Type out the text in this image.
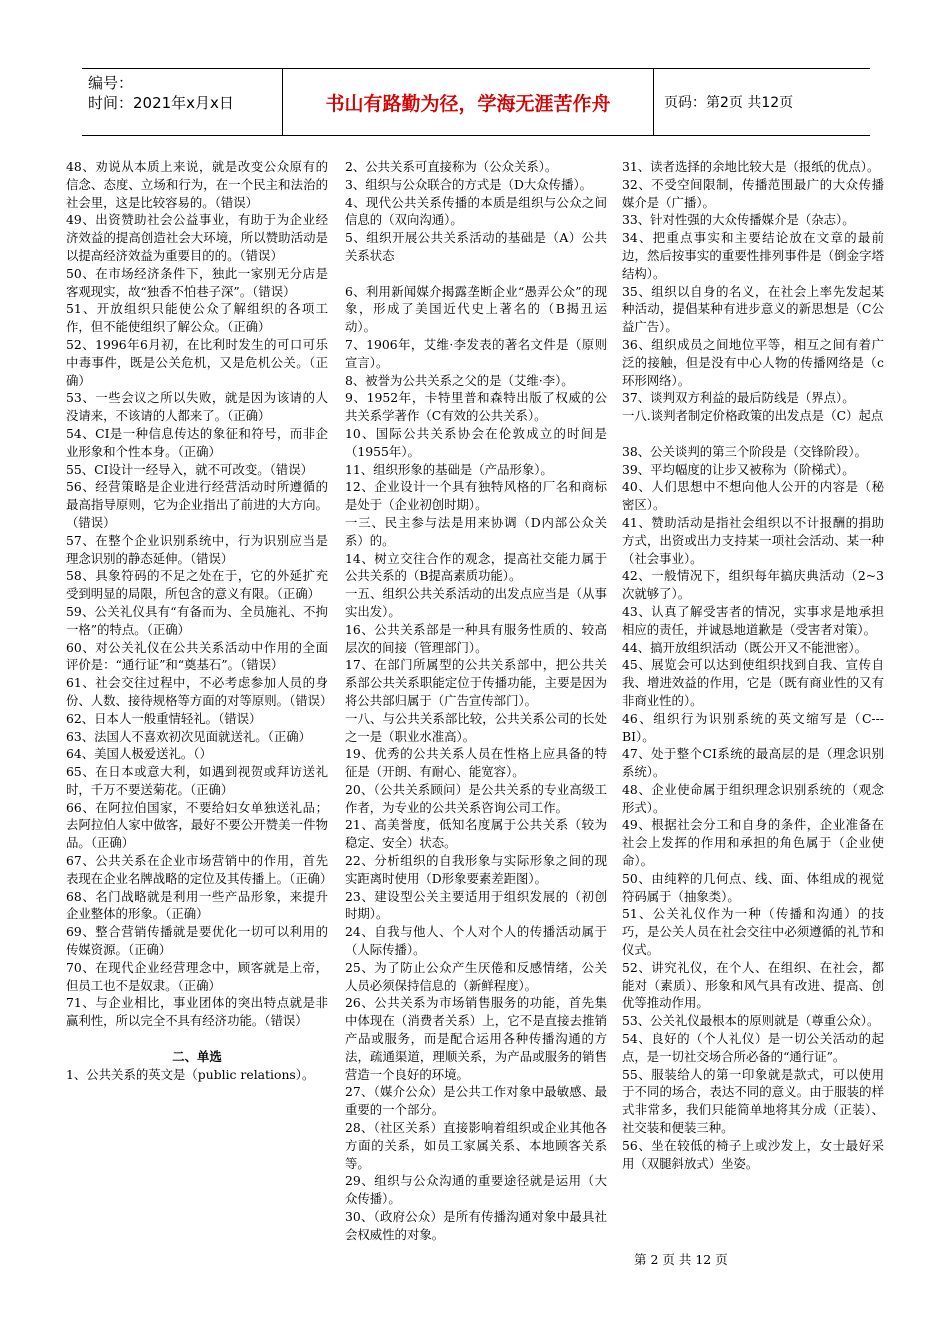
编号：
时间：2021年x月x日	书山有路勤为径，学海无涯苦作舟	页码：第2页 共12页

48、劝说从本质上来说，就是改变公众原有的信念、态度、立场和行为，在一个民主和法治的社会里，这是比较容易的。（错误）

49、出资赞助社会公益事业，有助于为企业经济效益的提高创造社会大环境，所以赞助活动是以提高经济效益为重要目的的。（错误）

50、在市场经济条件下，独此一家别无分店是客观现实，故“独香不怕巷子深”。（错误）

51、开放组织只能使公众了解组织的各项工作，但不能使组织了解公众。（正确）

52、1996年6月初，在比利时发生的可口可乐中毒事件，既是公关危机，又是危机公关。（正确）

53、一些会议之所以失败，就是因为该请的人没请来，不该请的人都来了。（正确）

54、CI是一种信息传达的象征和符号，而非企业形象和个性本身。（正确）

55、CI设计一经导入，就不可改变。（错误）

56、经营策略是企业进行经营活动时所遵循的最高指导原则，它为企业指出了前进的大方向。（错误）

57、在整个企业识别系统中，行为识别应当是理念识别的静态延伸。（错误）

58、具象符码的不足之处在于，它的外延扩充受到明显的局限，所包含的意义有限。（正确）

59、公关礼仪具有“有备而为、全员施礼、不拘一格”的特点。（正确）

60、对公关礼仪在公共关系活动中作用的全面评价是：“通行证”和“奠基石”。（错误）

61、社会交往过程中，不必考虑参加人员的身份、人数、接待规格等方面的对等原则。（错误）

62、日本人一般重情轻礼。（错误）

63、法国人不喜欢初次见面就送礼。（正确）

64、美国人极爱送礼。（）

65、在日本或意大利，如遇到视贺或拜访送礼时，千万不要送菊花。（正确）

66、在阿拉伯国家，不要给妇女单独送礼品；去阿拉伯人家中做客，最好不要公开赞美一件物品。（正确）

67、公共关系在企业市场营销中的作用，首先表现在企业名牌战略的定位及其传播上。（正确）

68、名门战略就是利用一些产品形象，来提升企业整体的形象。（正确）

69、整合营销传播就是要优化一切可以利用的传媒资源。（正确）

70、在现代企业经营理念中，顾客就是上帝，但员工也不是奴隶。（正确）

71、与企业相比，事业团体的突出特点就是非赢利性，所以完全不具有经济功能。（错误）

二、单选

1、公共关系的英文是（public relations）。

2、公共关系可直接称为（公众关系）。

3、组织与公众联合的方式是（D大众传播）。

4、现代公共关系传播的本质是组织与公众之间信息的（双向沟通）。

5、组织开展公共关系活动的基础是（A）公共关系状态

6、利用新闻媒介揭露垄断企业“愚弄公众”的现象，形成了美国近代史上著名的（B揭丑运动）。

7、1906年，艾维·李发表的著名文件是（原则宣言）。

8、被誉为公共关系之父的是（艾维·李）。

9、1952年，卡特里普和森特出版了权威的公共关系学著作（C有效的公共关系）。

10、国际公共关系协会在伦敦成立的时间是（1955年）。

11、组织形象的基础是（产品形象）。

12、企业设计一个具有独特风格的厂名和商标是处于（企业初创时期）。

一三、民主参与法是用来协调（D内部公众关系）的。

14、树立交往合作的观念，提高社交能力属于公共关系的（B提高素质功能）。

一五、组织公共关系活动的出发点应当是（从事实出发）。

16、公共关系部是一种具有服务性质的、较高层次的间接（管理部门）。

17、在部门所属型的公共关系部中，把公共关系部公共关系职能定位于传播功能，主要是因为将公共部归属于（广告宣传部门）。

一八、与公共关系部比较，公共关系公司的长处之一是（职业水准高）。

19、优秀的公共关系人员在性格上应具备的特征是（开朗、有耐心、能宽容）。

20、（公共关系顾问）是公共关系的专业高级工作者，为专业的公共关系咨询公司工作。

21、高美誉度，低知名度属于公共关系（较为稳定、安全）状态。

22、分析组织的自我形象与实际形象之间的现实距离时使用（D形象要素差距图）。

23、建设型公关主要适用于组织发展的（初创时期）。

24、自我与他人、个人对个人的传播活动属于（人际传播）。

25、为了防止公众产生厌倦和反感情绪，公关人员必须保持信息的（新鲜程度）。

26、公共关系为市场销售服务的功能，首先集中体现在（消费者关系）上，它不是直接去推销产品或服务，而是配合运用各种传播沟通的方法，疏通渠道，理顺关系，为产品或服务的销售营造一个良好的环境。

27、（媒介公众）是公共工作对象中最敏感、最重要的一个部分。

28、（社区关系）直接影响着组织或企业其他各方面的关系，如员工家属关系、本地顾客关系等。

29、组织与公众沟通的重要途径就是运用（大众传播）。

30、（政府公众）是所有传播沟通对象中最具社会权威性的对象。

31、读者选择的余地比较大是（报纸的优点）。

32、不受空间限制，传播范围最广的大众传播媒介是（广播）。

33、针对性强的大众传播媒介是（杂志）。

34、把重点事实和主要结论放在文章的最前边，然后按事实的重要性排列事件是（倒金字塔结构）。

35、组织以自身的名义，在社会上率先发起某种活动，提倡某种有进步意义的新思想是（C公益广告）。

36、组织成员之间地位平等，相互之间有着广泛的接触，但是没有中心人物的传播网络是（c环形网络）。

37、谈判双方利益的最后防线是（界点）。

一八.谈判者制定价格政策的出发点是（C）起点

38、公关谈判的第三个阶段是（交锋阶段）。

39、平均幅度的让步又被称为（阶梯式）。

40、人们思想中不想向他人公开的内容是（秘密区）。

41、赞助活动是指社会组织以不计报酬的捐助方式，出资或出力支持某一项社会活动、某一种（社会事业）。

42、一般情况下，组织每年搞庆典活动（2~3次就够了）。

43、认真了解受害者的情况，实事求是地承担相应的责任，并诚恳地道歉是（受害者对策）。

44、搞开放组织活动（既公开又不能泄密）。

45、展览会可以达到使组织找到自我、宣传自我、增进效益的作用，它是（既有商业性的又有非商业性的）。

46、组织行为识别系统的英文缩写是（C---BI）。

47、处于整个CI系统的最高层的是（理念识别系统）。

48、企业使命属于组织理念识别系统的（观念形式）。

49、根据社会分工和自身的条件，企业准备在社会上发挥的作用和承担的角色属于（企业使命）。

50、由纯粹的几何点、线、面、体组成的视觉符码属于（抽象类）。

51、公关礼仪作为一种（传播和沟通）的技巧，是公关人员在社会交往中必须遵循的礼节和仪式。

52、讲究礼仪，在个人、在组织、在社会，都能对（素质）、形象和风气具有改进、提高、创优等推动作用。

53、公关礼仪最根本的原则就是（尊重公众）。

54、良好的（个人礼仪）是一切公关活动的起点，是一切社交场合所必备的“通行证”。

55、服装给人的第一印象就是款式，可以使用于不同的场合，表达不同的意义。由于服装的样式非常多，我们只能简单地将其分成（正装）、社交装和便装三种。

56、坐在较低的椅子上或沙发上，女士最好采用（双腿斜放式）坐姿。

第 2 页 共 12 页
